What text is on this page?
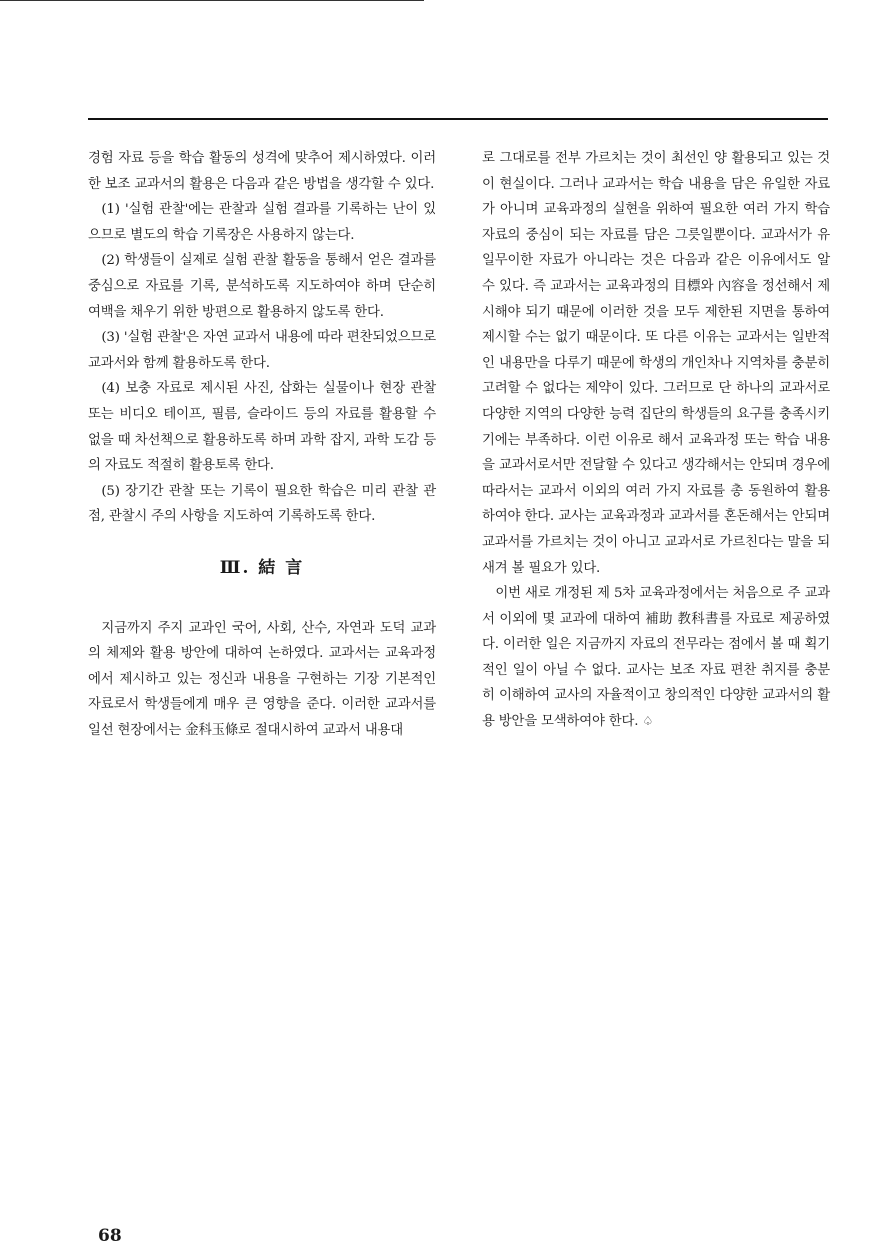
경험 자료 등을 학습 활동의 성격에 맞추어 제시하였다. 이러한 보조 교과서의 활용은 다음과 같은 방법을 생각할 수 있다.

(1) '실험 관찰'에는 관찰과 실험 결과를 기록하는 난이 있으므로 별도의 학습 기록장은 사용하지 않는다.

(2) 학생들이 실제로 실험 관찰 활동을 통해서 얻은 결과를 중심으로 자료를 기록, 분석하도록 지도하여야 하며 단순히 여백을 채우기 위한 방편으로 활용하지 않도록 한다.

(3) '실험 관찰'은 자연 교과서 내용에 따라 편찬되었으므로 교과서와 함께 활용하도록 한다.

(4) 보충 자료로 제시된 사진, 삽화는 실물이나 현장 관찰 또는 비디오 테이프, 필름, 슬라이드 등의 자료를 활용할 수 없을 때 차선책으로 활용하도록 하며 과학 잡지, 과학 도감 등의 자료도 적절히 활용토록 한다.

(5) 장기간 관찰 또는 기록이 필요한 학습은 미리 관찰 관점, 관찰시 주의 사항을 지도하여 기록하도록 한다.

Ⅲ. 結 言

지금까지 주지 교과인 국어, 사회, 산수, 자연과 도덕 교과의 체제와 활용 방안에 대하여 논하였다. 교과서는 교육과정에서 제시하고 있는 정신과 내용을 구현하는 기장 기본적인 자료로서 학생들에게 매우 큰 영향을 준다. 이러한 교과서를 일선 현장에서는 金科玉條로 절대시하여 교과서 내용대

로 그대로를 전부 가르치는 것이 최선인 양 활용되고 있는 것이 현실이다. 그러나 교과서는 학습 내용을 담은 유일한 자료가 아니며 교육과정의 실현을 위하여 필요한 여러 가지 학습 자료의 중심이 되는 자료를 담은 그릇일뿐이다. 교과서가 유일무이한 자료가 아니라는 것은 다음과 같은 이유에서도 알 수 있다. 즉 교과서는 교육과정의 目標와 內容을 정선해서 제시해야 되기 때문에 이러한 것을 모두 제한된 지면을 통하여 제시할 수는 없기 때문이다. 또 다른 이유는 교과서는 일반적인 내용만을 다루기 때문에 학생의 개인차나 지역차를 충분히 고려할 수 없다는 제약이 있다. 그러므로 단 하나의 교과서로 다양한 지역의 다양한 능력 집단의 학생들의 요구를 충족시키기에는 부족하다. 이런 이유로 해서 교육과정 또는 학습 내용을 교과서로서만 전달할 수 있다고 생각해서는 안되며 경우에 따라서는 교과서 이외의 여러 가지 자료를 총 동원하여 활용하여야 한다. 교사는 교육과정과 교과서를 혼돈해서는 안되며 교과서를 가르치는 것이 아니고 교과서로 가르친다는 말을 되새겨 볼 필요가 있다.

이번 새로 개정된 제 5차 교육과정에서는 처음으로 주 교과서 이외에 몇 교과에 대하여 補助 教科書를 자료로 제공하였다. 이러한 일은 지금까지 자료의 전무라는 점에서 볼 때 획기적인 일이 아닐 수 없다. 교사는 보조 자료 편찬 취지를 충분히 이해하여 교사의 자율적이고 창의적인 다양한 교과서의 활용 방안을 모색하여야 한다. ♤

68
